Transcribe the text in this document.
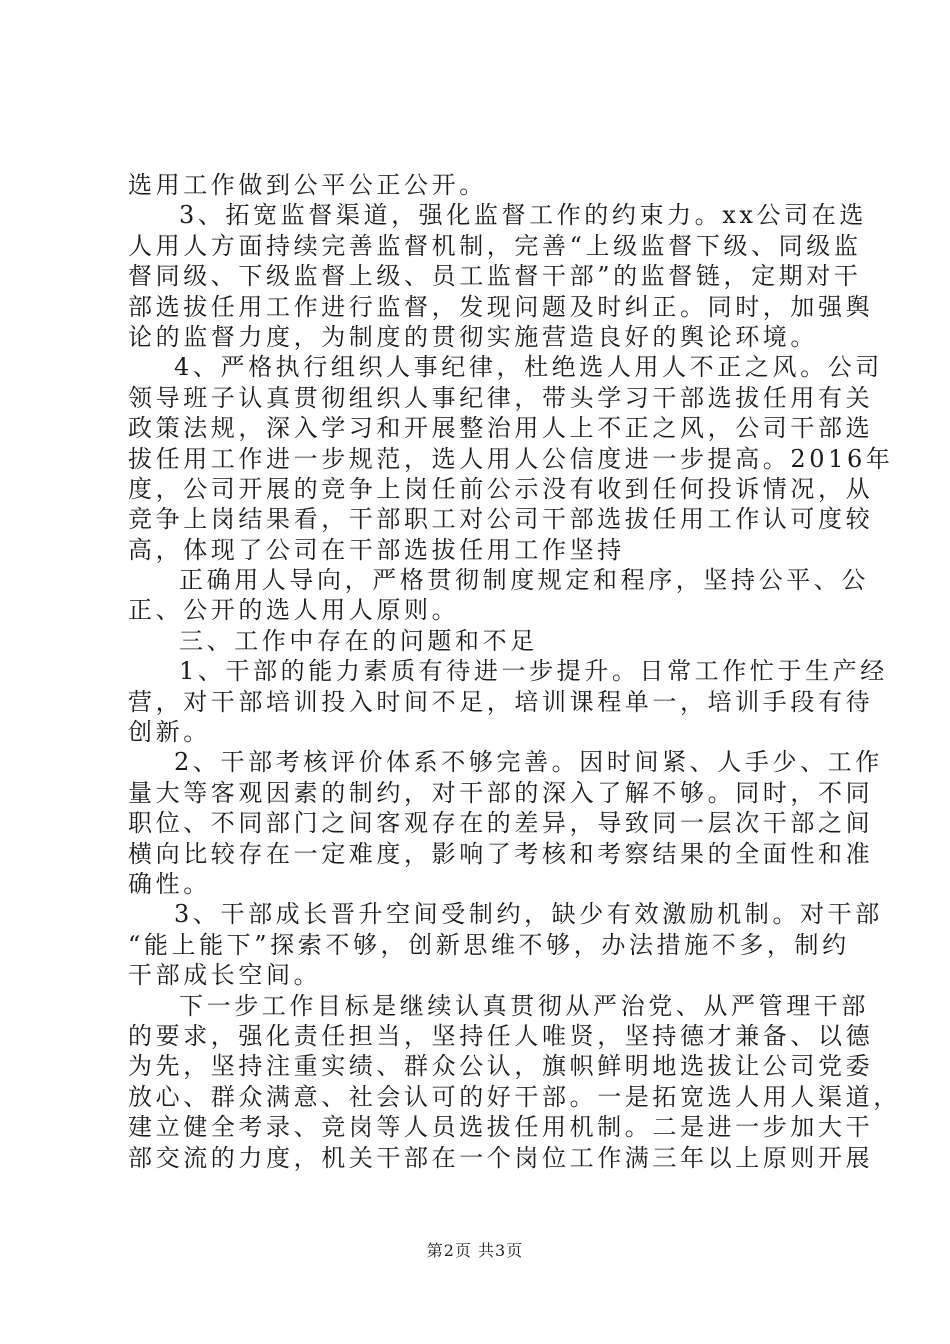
选用工作做到公平公正公开。
3、拓宽监督渠道，强化监督工作的约束力。xx公司在选
人用人方面持续完善监督机制，完善“上级监督下级、同级监
督同级、下级监督上级、员工监督干部”的监督链，定期对干
部选拔任用工作进行监督，发现问题及时纠正。同时，加强舆
论的监督力度，为制度的贯彻实施营造良好的舆论环境。
4、严格执行组织人事纪律，杜绝选人用人不正之风。公司
领导班子认真贯彻组织人事纪律，带头学习干部选拔任用有关
政策法规，深入学习和开展整治用人上不正之风，公司干部选
拔任用工作进一步规范，选人用人公信度进一步提高。2016年
度，公司开展的竞争上岗任前公示没有收到任何投诉情况，从
竞争上岗结果看，干部职工对公司干部选拔任用工作认可度较
高，体现了公司在干部选拔任用工作坚持
正确用人导向，严格贯彻制度规定和程序，坚持公平、公
正、公开的选人用人原则。
三、工作中存在的问题和不足
1、干部的能力素质有待进一步提升。日常工作忙于生产经
营，对干部培训投入时间不足，培训课程单一，培训手段有待
创新。
2、干部考核评价体系不够完善。因时间紧、人手少、工作
量大等客观因素的制约，对干部的深入了解不够。同时，不同
职位、不同部门之间客观存在的差异，导致同一层次干部之间
横向比较存在一定难度，影响了考核和考察结果的全面性和准
确性。
3、干部成长晋升空间受制约，缺少有效激励机制。对干部
“能上能下”探索不够，创新思维不够，办法措施不多，制约
干部成长空间。
下一步工作目标是继续认真贯彻从严治党、从严管理干部
的要求，强化责任担当，坚持任人唯贤，坚持德才兼备、以德
为先，坚持注重实绩、群众公认，旗帜鲜明地选拔让公司党委
放心、群众满意、社会认可的好干部。一是拓宽选人用人渠道，
建立健全考录、竞岗等人员选拔任用机制。二是进一步加大干
部交流的力度，机关干部在一个岗位工作满三年以上原则开展
第2页 共3页
